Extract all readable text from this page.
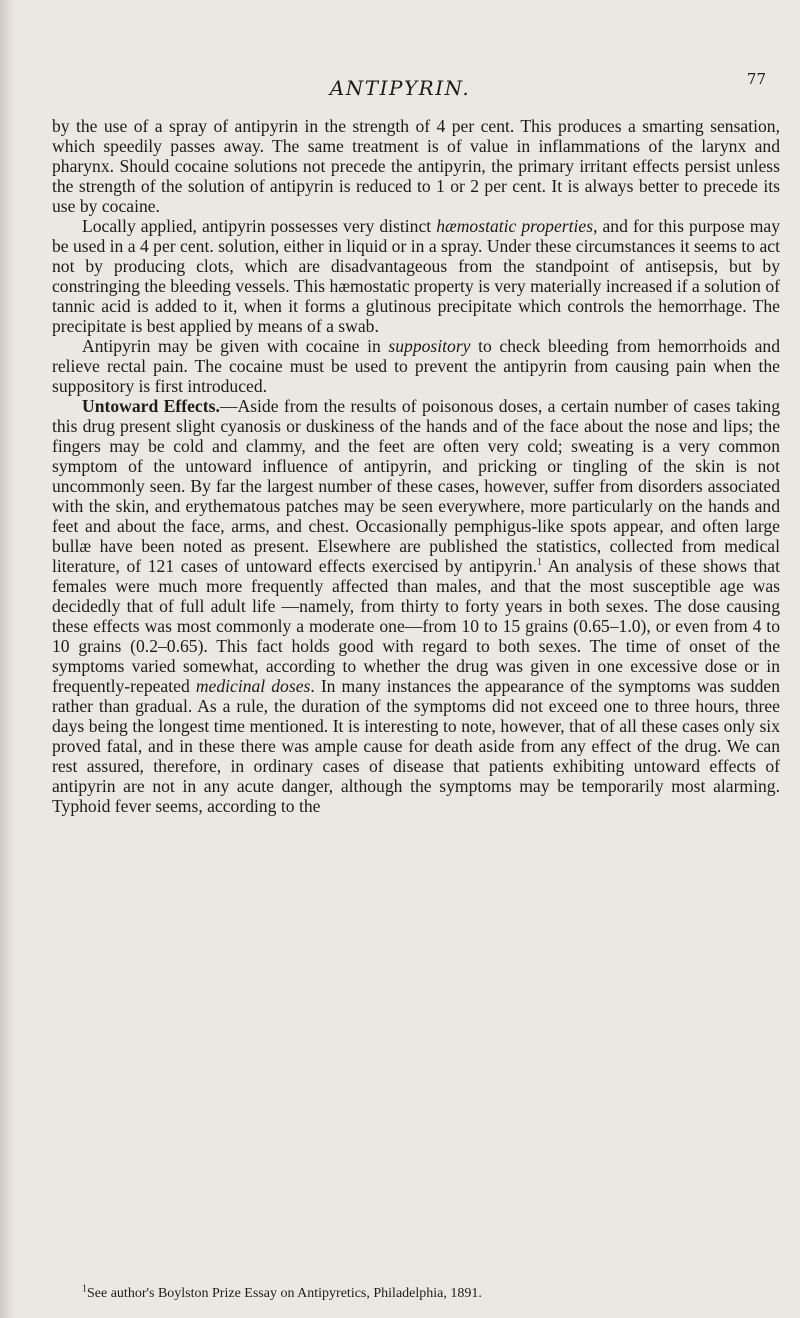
ANTIPYRIN.	77

by the use of a spray of antipyrin in the strength of 4 per cent. This produces a smarting sensation, which speedily passes away. The same treatment is of value in inflammations of the larynx and pharynx. Should cocaine solutions not precede the antipyrin, the primary irritant effects persist unless the strength of the solution of antipyrin is reduced to 1 or 2 per cent. It is always better to precede its use by cocaine.

Locally applied, antipyrin possesses very distinct hæmostatic properties, and for this purpose may be used in a 4 per cent. solution, either in liquid or in a spray. Under these circumstances it seems to act not by producing clots, which are disadvantageous from the standpoint of antisepsis, but by constringing the bleeding vessels. This hæmostatic property is very materially increased if a solution of tannic acid is added to it, when it forms a glutinous precipitate which controls the hemorrhage. The precipitate is best applied by means of a swab.

Antipyrin may be given with cocaine in suppository to check bleeding from hemorrhoids and relieve rectal pain. The cocaine must be used to prevent the antipyrin from causing pain when the suppository is first introduced.

Untoward Effects.—Aside from the results of poisonous doses, a certain number of cases taking this drug present slight cyanosis or duskiness of the hands and of the face about the nose and lips; the fingers may be cold and clammy, and the feet are often very cold; sweating is a very common symptom of the untoward influence of antipyrin, and pricking or tingling of the skin is not uncommonly seen. By far the largest number of these cases, however, suffer from disorders associated with the skin, and erythematous patches may be seen everywhere, more particularly on the hands and feet and about the face, arms, and chest. Occasionally pemphigus-like spots appear, and often large bullæ have been noted as present. Elsewhere are published the statistics, collected from medical literature, of 121 cases of untoward effects exercised by antipyrin.$^1$ An analysis of these shows that females were much more frequently affected than males, and that the most susceptible age was decidedly that of full adult life —namely, from thirty to forty years in both sexes. The dose causing these effects was most commonly a moderate one—from 10 to 15 grains (0.65–1.0), or even from 4 to 10 grains (0.2–0.65). This fact holds good with regard to both sexes. The time of onset of the symptoms varied somewhat, according to whether the drug was given in one excessive dose or in frequently-repeated medicinal doses. In many instances the appearance of the symptoms was sudden rather than gradual. As a rule, the duration of the symptoms did not exceed one to three hours, three days being the longest time mentioned. It is interesting to note, however, that of all these cases only six proved fatal, and in these there was ample cause for death aside from any effect of the drug. We can rest assured, therefore, in ordinary cases of disease that patients exhibiting untoward effects of antipyrin are not in any acute danger, although the symptoms may be temporarily most alarming. Typhoid fever seems, according to the

$^1$See author's Boylston Prize Essay on Antipyretics, Philadelphia, 1891.
